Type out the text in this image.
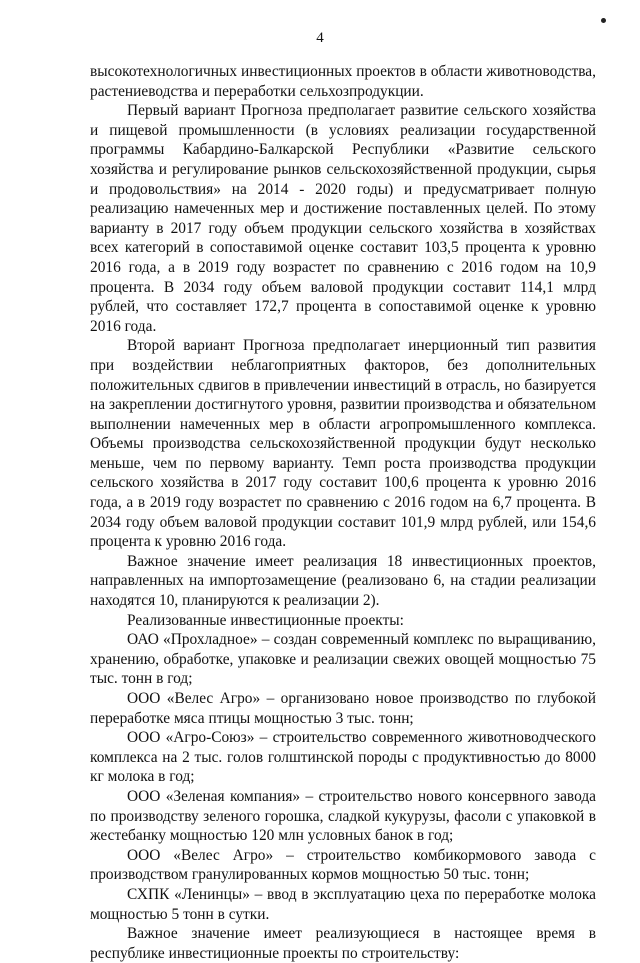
4

высокотехнологичных инвестиционных проектов в области животноводства, растениеводства и переработки сельхозпродукции.

Первый вариант Прогноза предполагает развитие сельского хозяйства и пищевой промышленности (в условиях реализации государственной программы Кабардино-Балкарской Республики «Развитие сельского хозяйства и регулирование рынков сельскохозяйственной продукции, сырья и продовольствия» на 2014 - 2020 годы) и предусматривает полную реализацию намеченных мер и достижение поставленных целей. По этому варианту в 2017 году объем продукции сельского хозяйства в хозяйствах всех категорий в сопоставимой оценке составит 103,5 процента к уровню 2016 года, а в 2019 году возрастет по сравнению с 2016 годом на 10,9 процента. В 2034 году объем валовой продукции составит 114,1 млрд рублей, что составляет 172,7 процента в сопоставимой оценке к уровню 2016 года.

Второй вариант Прогноза предполагает инерционный тип развития при воздействии неблагоприятных факторов, без дополнительных положительных сдвигов в привлечении инвестиций в отрасль, но базируется на закреплении достигнутого уровня, развитии производства и обязательном выполнении намеченных мер в области агропромышленного комплекса. Объемы производства сельскохозяйственной продукции будут несколько меньше, чем по первому варианту. Темп роста производства продукции сельского хозяйства в 2017 году составит 100,6 процента к уровню 2016 года, а в 2019 году возрастет по сравнению с 2016 годом на 6,7 процента. В 2034 году объем валовой продукции составит 101,9 млрд рублей, или 154,6 процента к уровню 2016 года.

Важное значение имеет реализация 18 инвестиционных проектов, направленных на импортозамещение (реализовано 6, на стадии реализации находятся 10, планируются к реализации 2).

Реализованные инвестиционные проекты:

ОАО «Прохладное» – создан современный комплекс по выращиванию, хранению, обработке, упаковке и реализации свежих овощей мощностью 75 тыс. тонн в год;

ООО «Велес Агро» – организовано новое производство по глубокой переработке мяса птицы мощностью 3 тыс. тонн;

ООО «Агро-Союз» – строительство современного животноводческого комплекса на 2 тыс. голов голштинской породы с продуктивностью до 8000 кг молока в год;

ООО «Зеленая компания» – строительство нового консервного завода по производству зеленого горошка, сладкой кукурузы, фасоли с упаковкой в жестебанку мощностью 120 млн условных банок в год;

ООО «Велес Агро» – строительство комбикормового завода с производством гранулированных кормов мощностью 50 тыс. тонн;

СХПК «Ленинцы» – ввод в эксплуатацию цеха по переработке молока мощностью 5 тонн в сутки.

Важное значение имеет реализующиеся в настоящее время в республике инвестиционные проекты по строительству:
